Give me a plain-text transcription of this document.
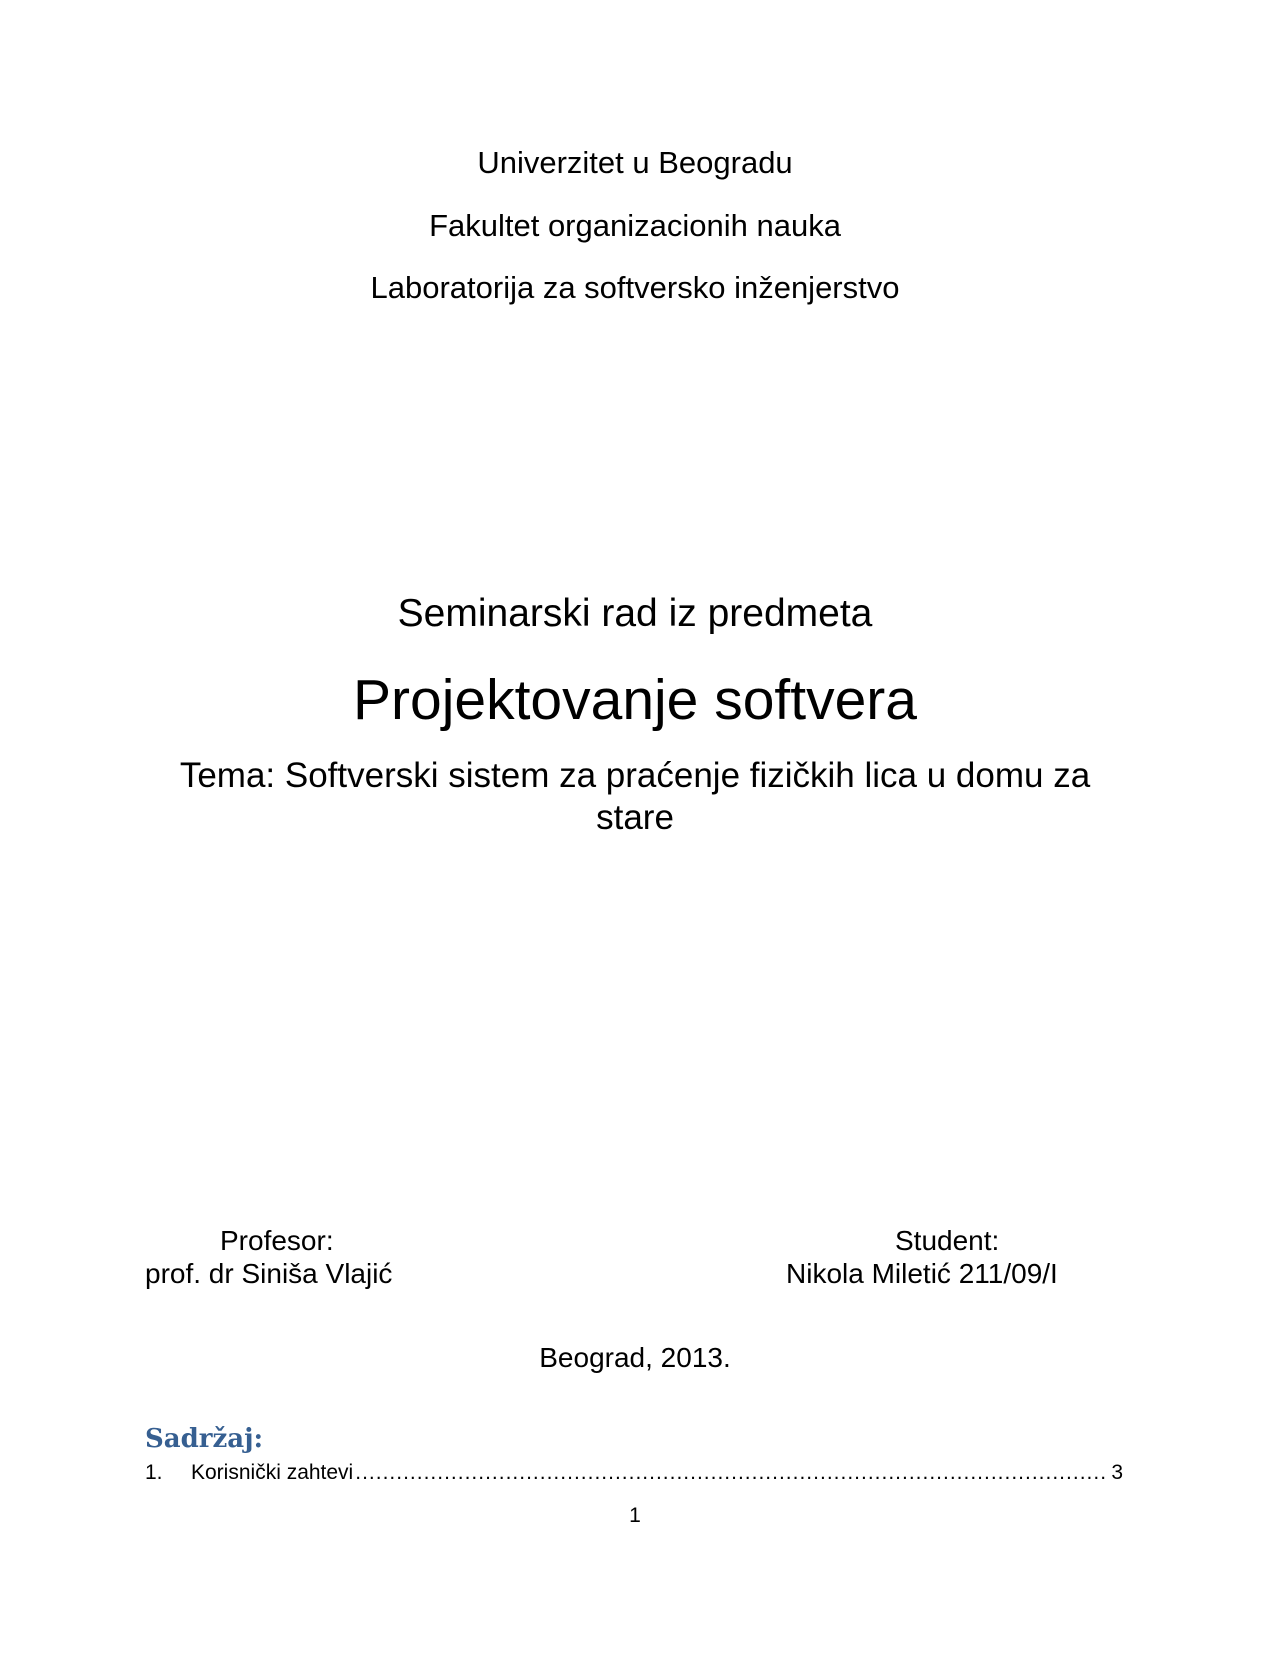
Univerzitet u Beogradu
Fakultet organizacionih nauka
Laboratorija za softversko inženjerstvo
Seminarski rad iz predmeta
Projektovanje softvera
Tema: Softverski sistem za praćenje fizičkih lica u domu za
stare
Profesor:
prof. dr Siniša Vlajić
Student:
Nikola Miletić 211/09/I
Beograd, 2013.
Sadržaj:
1.	Korisnički zahtevi
.....	3
1
